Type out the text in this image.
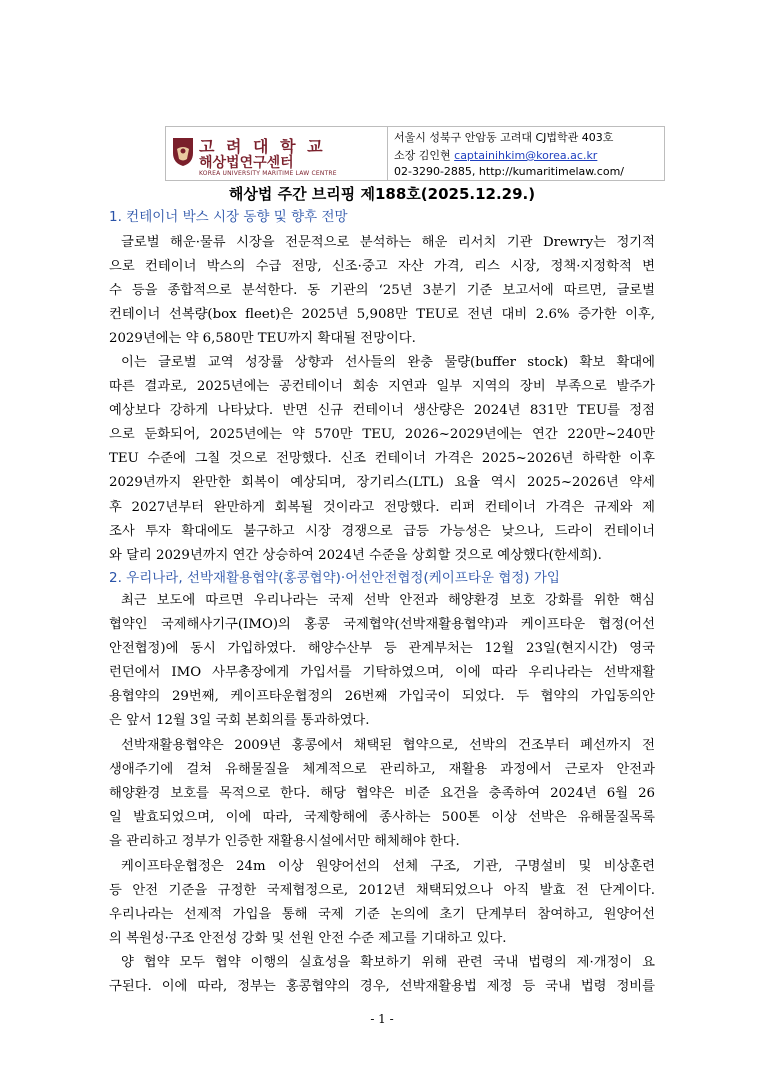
고 려 대 학 교
해상법연구센터
KOREA UNIVERSITY MARITIME LAW CENTRE
서울시 성북구 안암동 고려대 CJ법학관 403호
소장 김인현 captainihkim@korea.ac.kr
02-3290-2885, http://kumaritimelaw.com/
해상법 주간 브리핑 제188호(2025.12.29.)
1. 컨테이너 박스 시장 동향 및 향후 전망
글로벌 해운·물류 시장을 전문적으로 분석하는 해운 리서치 기관 Drewry는 정기적
으로 컨테이너 박스의 수급 전망, 신조·중고 자산 가격, 리스 시장, 정책·지정학적 변
수 등을 종합적으로 분석한다. 동 기관의 ‘25년 3분기 기준 보고서에 따르면, 글로벌
컨테이너 선복량(box fleet)은 2025년 5,908만 TEU로 전년 대비 2.6% 증가한 이후,
2029년에는 약 6,580만 TEU까지 확대될 전망이다.
이는 글로벌 교역 성장률 상향과 선사들의 완충 물량(buffer stock) 확보 확대에
따른 결과로, 2025년에는 공컨테이너 회송 지연과 일부 지역의 장비 부족으로 발주가
예상보다 강하게 나타났다. 반면 신규 컨테이너 생산량은 2024년 831만 TEU를 정점
으로 둔화되어, 2025년에는 약 570만 TEU, 2026~2029년에는 연간 220만~240만
TEU 수준에 그칠 것으로 전망했다. 신조 컨테이너 가격은 2025~2026년 하락한 이후
2029년까지 완만한 회복이 예상되며, 장기리스(LTL) 요율 역시 2025~2026년 약세
후 2027년부터 완만하게 회복될 것이라고 전망했다. 리퍼 컨테이너 가격은 규제와 제
조사 투자 확대에도 불구하고 시장 경쟁으로 급등 가능성은 낮으나, 드라이 컨테이너
와 달리 2029년까지 연간 상승하여 2024년 수준을 상회할 것으로 예상했다(한세희).
2. 우리나라, 선박재활용협약(홍콩협약)·어선안전협정(케이프타운 협정) 가입
최근 보도에 따르면 우리나라는 국제 선박 안전과 해양환경 보호 강화를 위한 핵심
협약인 국제해사기구(IMO)의 홍콩 국제협약(선박재활용협약)과 케이프타운 협정(어선
안전협정)에 동시 가입하였다. 해양수산부 등 관계부처는 12월 23일(현지시간) 영국
런던에서 IMO 사무총장에게 가입서를 기탁하였으며, 이에 따라 우리나라는 선박재활
용협약의 29번째, 케이프타운협정의 26번째 가입국이 되었다. 두 협약의 가입동의안
은 앞서 12월 3일 국회 본회의를 통과하였다.
선박재활용협약은 2009년 홍콩에서 채택된 협약으로, 선박의 건조부터 폐선까지 전
생애주기에 걸쳐 유해물질을 체계적으로 관리하고, 재활용 과정에서 근로자 안전과
해양환경 보호를 목적으로 한다. 해당 협약은 비준 요건을 충족하여 2024년 6월 26
일 발효되었으며, 이에 따라, 국제항해에 종사하는 500톤 이상 선박은 유해물질목록
을 관리하고 정부가 인증한 재활용시설에서만 해체해야 한다.
케이프타운협정은 24m 이상 원양어선의 선체 구조, 기관, 구명설비 및 비상훈련
등 안전 기준을 규정한 국제협정으로, 2012년 채택되었으나 아직 발효 전 단계이다.
우리나라는 선제적 가입을 통해 국제 기준 논의에 초기 단계부터 참여하고, 원양어선
의 복원성·구조 안전성 강화 및 선원 안전 수준 제고를 기대하고 있다.
양 협약 모두 협약 이행의 실효성을 확보하기 위해 관련 국내 법령의 제·개정이 요
구된다. 이에 따라, 정부는 홍콩협약의 경우, 선박재활용법 제정 등 국내 법령 정비를
- 1 -
